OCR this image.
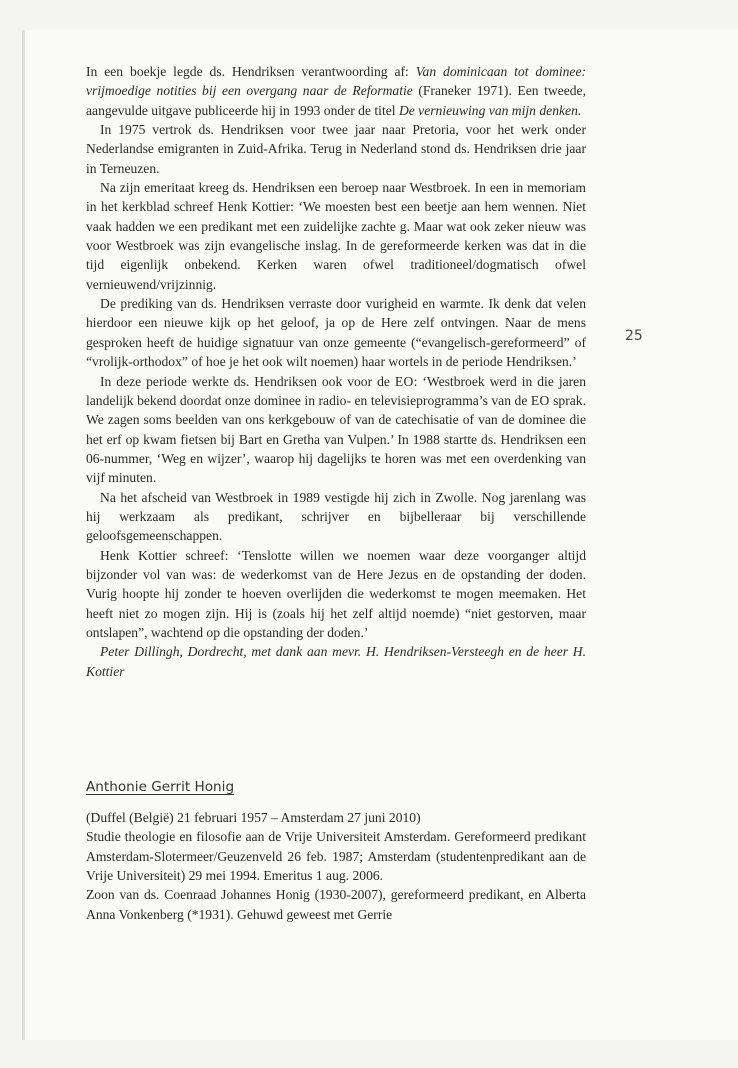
In een boekje legde ds. Hendriksen verantwoording af: Van dominicaan tot dominee: vrijmoedige notities bij een overgang naar de Reformatie (Franeker 1971). Een tweede, aangevulde uitgave publiceerde hij in 1993 onder de titel De vernieuwing van mijn denken.

In 1975 vertrok ds. Hendriksen voor twee jaar naar Pretoria, voor het werk onder Nederlandse emigranten in Zuid-Afrika. Terug in Nederland stond ds. Hendriksen drie jaar in Terneuzen.

Na zijn emeritaat kreeg ds. Hendriksen een beroep naar Westbroek. In een in memoriam in het kerkblad schreef Henk Kottier: ‘We moesten best een beetje aan hem wennen. Niet vaak hadden we een predikant met een zuidelijke zachte g. Maar wat ook zeker nieuw was voor Westbroek was zijn evangelische inslag. In de gereformeerde kerken was dat in die tijd eigenlijk onbekend. Kerken waren ofwel traditioneel/dogmatisch ofwel vernieuwend/vrijzinnig.

De prediking van ds. Hendriksen verraste door vurigheid en warmte. Ik denk dat velen hierdoor een nieuwe kijk op het geloof, ja op de Here zelf ontvingen. Naar de mens gesproken heeft de huidige signatuur van onze gemeente (“evangelisch-gereformeerd” of “vrolijk-orthodox” of hoe je het ook wilt noemen) haar wortels in de periode Hendriksen.’

In deze periode werkte ds. Hendriksen ook voor de EO: ‘Westbroek werd in die jaren landelijk bekend doordat onze dominee in radio- en televisieprogramma’s van de EO sprak. We zagen soms beelden van ons kerkgebouw of van de catechisatie of van de dominee die het erf op kwam fietsen bij Bart en Gretha van Vulpen.’ In 1988 startte ds. Hendriksen een 06-nummer, ‘Weg en wijzer’, waarop hij dagelijks te horen was met een overdenking van vijf minuten.

Na het afscheid van Westbroek in 1989 vestigde hij zich in Zwolle. Nog jarenlang was hij werkzaam als predikant, schrijver en bijbelleraar bij verschillende geloofsgemeenschappen.

Henk Kottier schreef: ‘Tenslotte willen we noemen waar deze voorganger altijd bijzonder vol van was: de wederkomst van de Here Jezus en de opstanding der doden. Vurig hoopte hij zonder te hoeven overlijden die wederkomst te mogen meemaken. Het heeft niet zo mogen zijn. Hij is (zoals hij het zelf altijd noemde) “niet gestorven, maar ontslapen”, wachtend op die opstanding der doden.’

Peter Dillingh, Dordrecht, met dank aan mevr. H. Hendriksen-Versteegh en de heer H. Kottier

25
Anthonie Gerrit Honig

(Duffel (België) 21 februari 1957 – Amsterdam 27 juni 2010)

Studie theologie en filosofie aan de Vrije Universiteit Amsterdam. Gereformeerd predikant Amsterdam-Slotermeer/Geuzenveld 26 feb. 1987; Amsterdam (studentenpredikant aan de Vrije Universiteit) 29 mei 1994. Emeritus 1 aug. 2006.

Zoon van ds. Coenraad Johannes Honig (1930-2007), gereformeerd predikant, en Alberta Anna Vonkenberg (*1931). Gehuwd geweest met Gerrie
